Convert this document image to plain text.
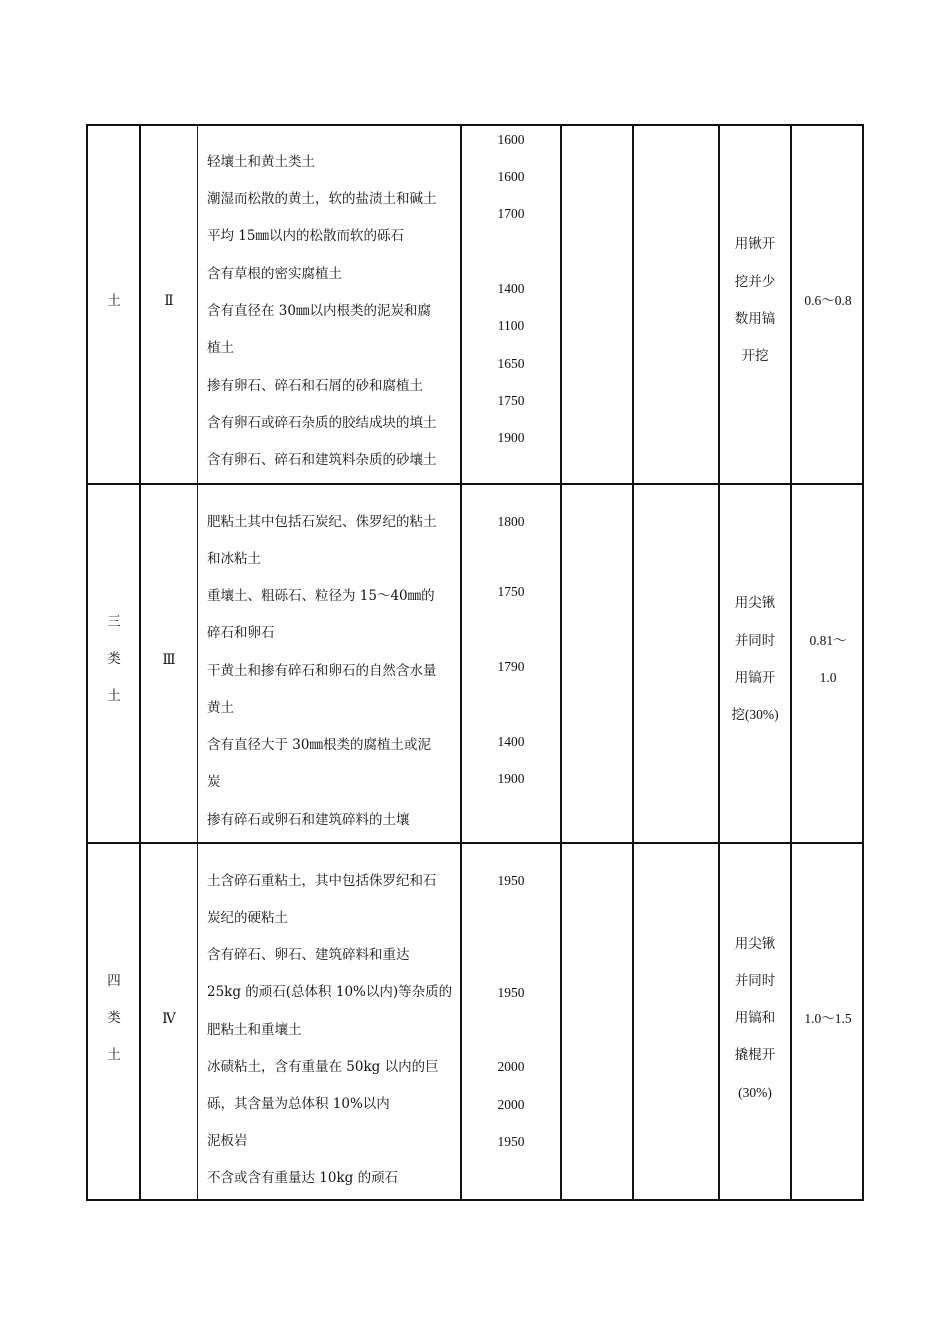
土	Ⅱ
轻壤土和黄土类土
潮湿而松散的黄土，软的盐渍土和碱土
平均 15㎜以内的松散而软的砾石
含有草根的密实腐植土
含有直径在 30㎜以内根类的泥炭和腐
植土
掺有卵石、碎石和石屑的砂和腐植土
含有卵石或碎石杂质的胶结成块的填土
含有卵石、碎石和建筑料杂质的砂壤土
1600
1600
1700
1400
1100
1650
1750
1900
用锹开
挖并少
数用镐
开挖
0.6～0.8
三
类
土
Ⅲ
肥粘土其中包括石炭纪、侏罗纪的粘土
和冰粘土
重壤土、粗砾石、粒径为 15～40㎜的
碎石和卵石
干黄土和掺有碎石和卵石的自然含水量
黄土
含有直径大于 30㎜根类的腐植土或泥
炭
掺有碎石或卵石和建筑碎料的土壤
1800
1750
1790
1400
1900
用尖锹
并同时
用镐开
挖(30%)
0.81～
1.0
四
类
土
Ⅳ
土含碎石重粘土，其中包括侏罗纪和石
炭纪的硬粘土
含有碎石、卵石、建筑碎料和重达
25kg 的顽石(总体积 10%以内)等杂质的
肥粘土和重壤土
冰碛粘土，含有重量在 50kg 以内的巨
砾，其含量为总体积 10%以内
泥板岩
不含或含有重量达 10kg 的顽石
1950
1950
2000
2000
1950
用尖锹
并同时
用镐和
撬棍开
(30%)
1.0～1.5
